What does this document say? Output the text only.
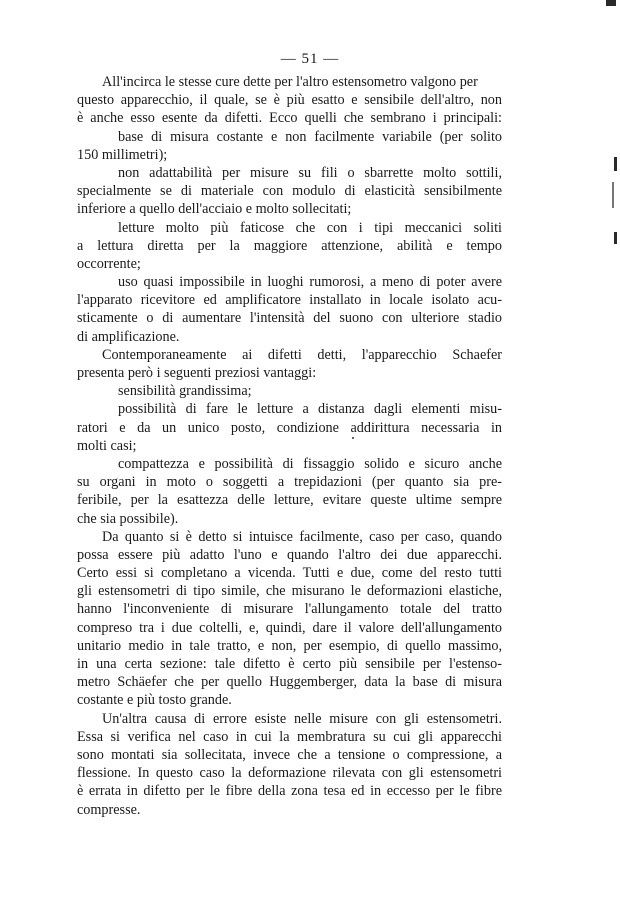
— 51 —
All'incirca le stesse cure dette per l'altro estensometro valgono per
questo apparecchio, il quale, se è più esatto e sensibile dell'altro, non
è anche esso esente da difetti. Ecco quelli che sembrano i principali:
base di misura costante e non facilmente variabile (per solito
150 millimetri);
non adattabilità per misure su fili o sbarrette molto sottili,
specialmente se di materiale con modulo di elasticità sensibilmente
inferiore a quello dell'acciaio e molto sollecitati;
letture molto più faticose che con i tipi meccanici soliti
a lettura diretta per la maggiore attenzione, abilità e tempo
occorrente;
uso quasi impossibile in luoghi rumorosi, a meno di poter avere
l'apparato ricevitore ed amplificatore installato in locale isolato acu-
sticamente o di aumentare l'intensità del suono con ulteriore stadio
di amplificazione.
Contemporaneamente ai difetti detti, l'apparecchio Schaefer
presenta però i seguenti preziosi vantaggi:
sensibilità grandissima;
possibilità di fare le letture a distanza dagli elementi misu-
ratori e da un unico posto, condizione addirittura necessaria in
molti casi;
compattezza e possibilità di fissaggio solido e sicuro anche
su organi in moto o soggetti a trepidazioni (per quanto sia pre-
feribile, per la esattezza delle letture, evitare queste ultime sempre
che sia possibile).
Da quanto si è detto si intuisce facilmente, caso per caso, quando
possa essere più adatto l'uno e quando l'altro dei due apparecchi.
Certo essi si completano a vicenda. Tutti e due, come del resto tutti
gli estensometri di tipo simile, che misurano le deformazioni elastiche,
hanno l'inconveniente di misurare l'allungamento totale del tratto
compreso tra i due coltelli, e, quindi, dare il valore dell'allungamento
unitario medio in tale tratto, e non, per esempio, di quello massimo,
in una certa sezione: tale difetto è certo più sensibile per l'estenso-
metro Schäefer che per quello Huggemberger, data la base di misura
costante e più tosto grande.
Un'altra causa di errore esiste nelle misure con gli estensometri.
Essa si verifica nel caso in cui la membratura su cui gli apparecchi
sono montati sia sollecitata, invece che a tensione o compressione, a
flessione. In questo caso la deformazione rilevata con gli estensometri
è errata in difetto per le fibre della zona tesa ed in eccesso per le fibre
compresse.
